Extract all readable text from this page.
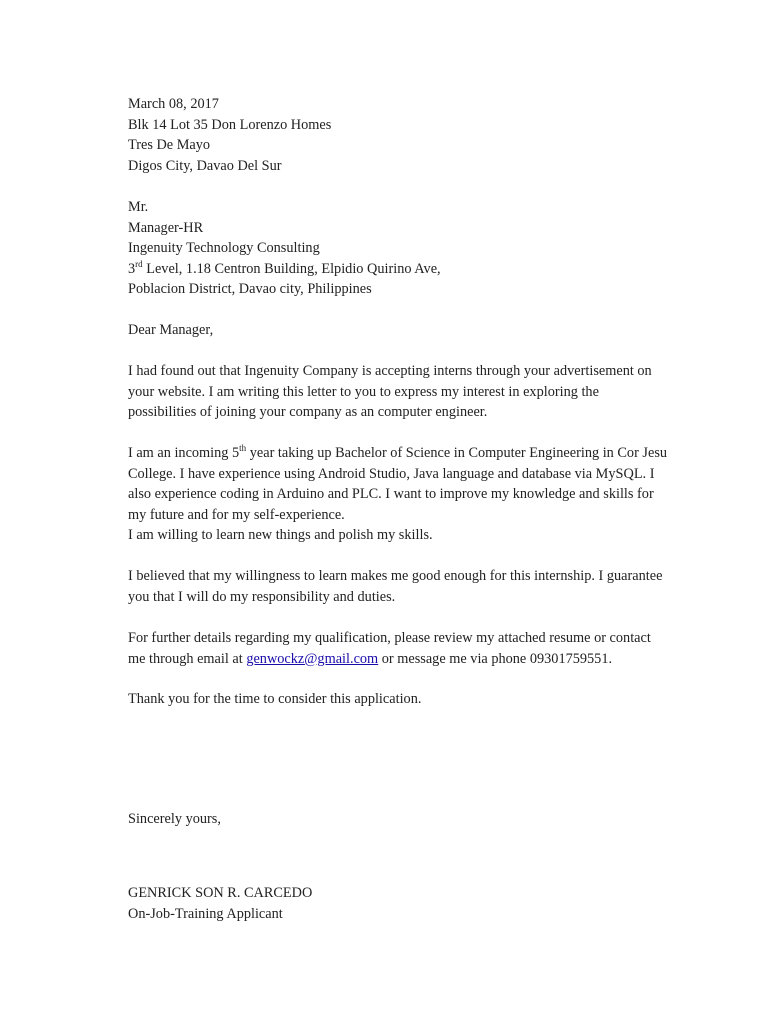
March 08, 2017
Blk 14 Lot 35 Don Lorenzo Homes
Tres De Mayo
Digos City, Davao Del Sur
Mr.
Manager-HR
Ingenuity Technology Consulting
3rd Level, 1.18 Centron Building, Elpidio Quirino Ave,
Poblacion District, Davao city, Philippines
Dear Manager,
I had found out that Ingenuity Company is accepting interns through your advertisement on
your website. I am writing this letter to you to express my interest in exploring the
possibilities of joining your company as an computer engineer.
I am an incoming 5th year taking up Bachelor of Science in Computer Engineering in Cor Jesu
College. I have experience using Android Studio, Java language and database via MySQL. I
also experience coding in Arduino and PLC. I want to improve my knowledge and skills for
my future and for my self-experience.
I am willing to learn new things and polish my skills.
I believed that my willingness to learn makes me good enough for this internship. I guarantee
you that I will do my responsibility and duties.
For further details regarding my qualification, please review my attached resume or contact
me through email at genwockz@gmail.com or message me via phone 09301759551.
Thank you for the time to consider this application.
Sincerely yours,
GENRICK SON R. CARCEDO
On-Job-Training Applicant
